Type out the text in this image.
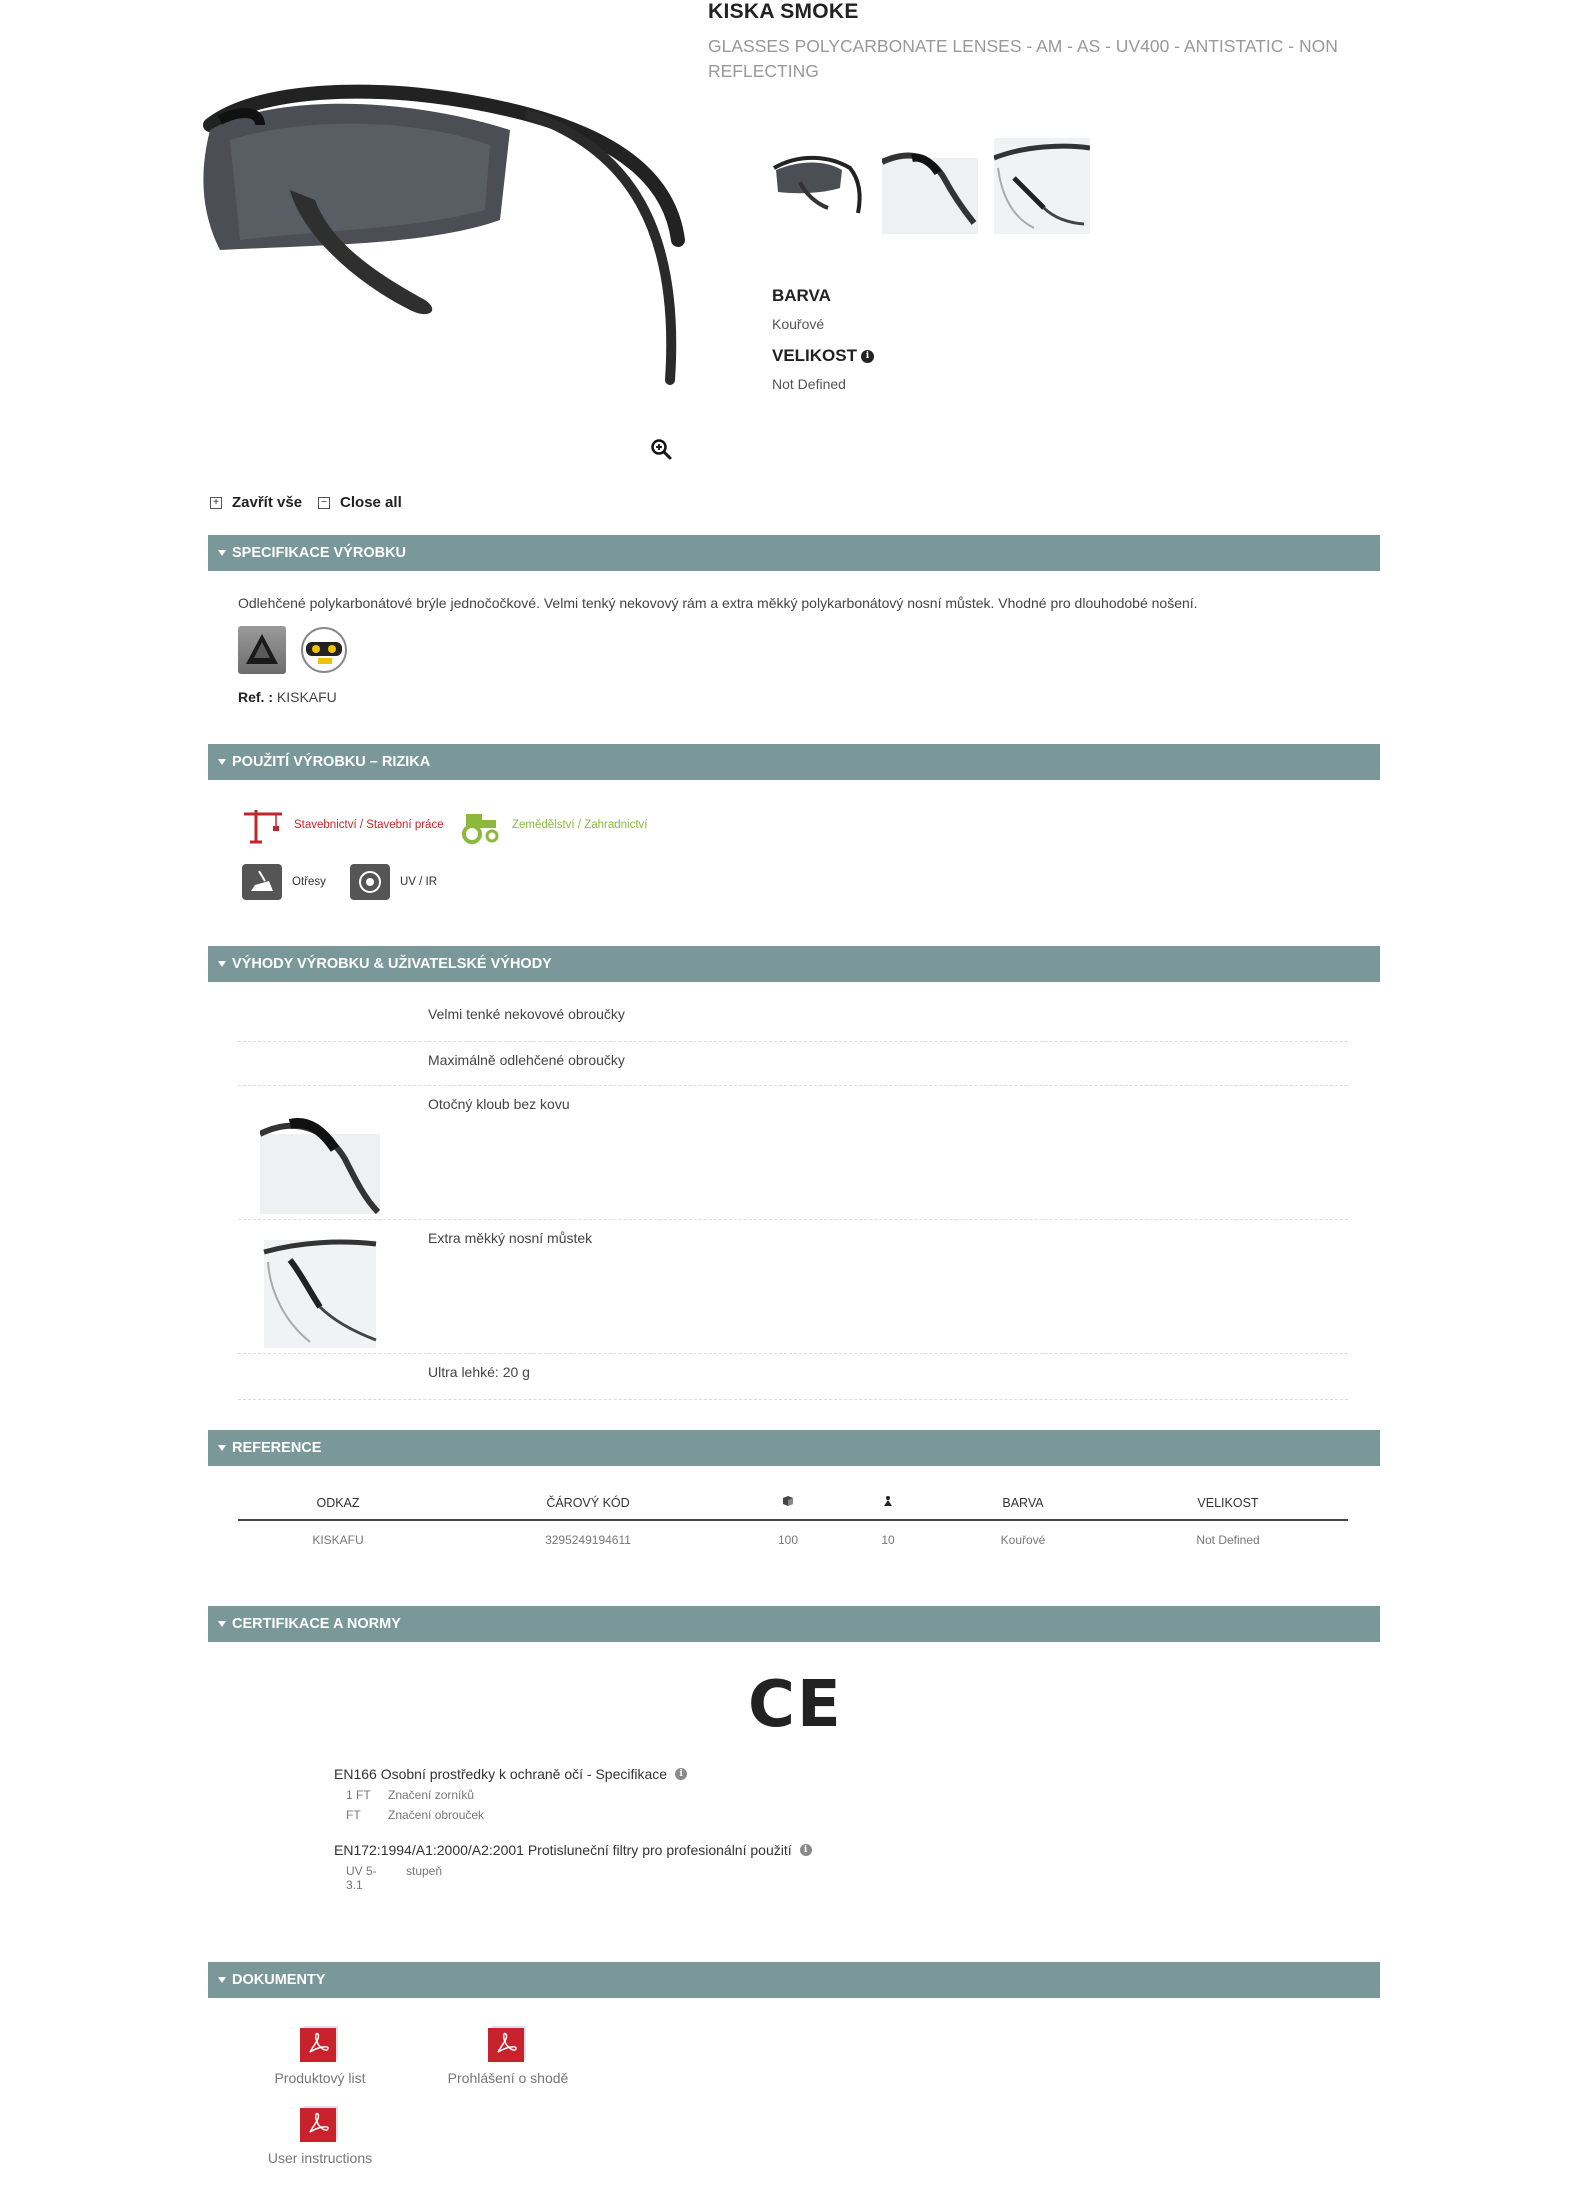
KISKA SMOKE
GLASSES POLYCARBONATE LENSES - AM - AS - UV400 - ANTISTATIC - NON REFLECTING
BARVA
Kouřové
VELIKOST i
Not Defined
+ Zavřít vše	− Close all
SPECIFIKACE VÝROBKU
Odlehčené polykarbonátové brýle jednočočkové. Velmi tenký nekovový rám a extra měkký polykarbonátový nosní můstek. Vhodné pro dlouhodobé nošení.
Ref. : KISKAFU
POUŽITÍ VÝROBKU – RIZIKA
Stavebnictví / Stavební práce	Zemědělství / Zahradnictví
Otřesy	UV / IR
VÝHODY VÝROBKU & UŽIVATELSKÉ VÝHODY
Velmi tenké nekovové obroučky
Maximálně odlehčené obroučky
Otočný kloub bez kovu
Extra měkký nosní můstek
Ultra lehké: 20 g
REFERENCE
ODKAZ	ČÁROVÝ KÓD			BARVA	VELIKOST
KISKAFU	3295249194611	100	10	Kouřové	Not Defined
CERTIFIKACE A NORMY
CE
EN166 Osobní prostředky k ochraně očí - Specifikace	i
1 FT Značení zorníků
FT	Značení obrouček
EN172:1994/A1:2000/A2:2001 Protisluneční filtry pro profesionální použití	i
UV 5-3.1
stupeň
DOKUMENTY
Produktový list	Prohlášení o shodě
User instructions
